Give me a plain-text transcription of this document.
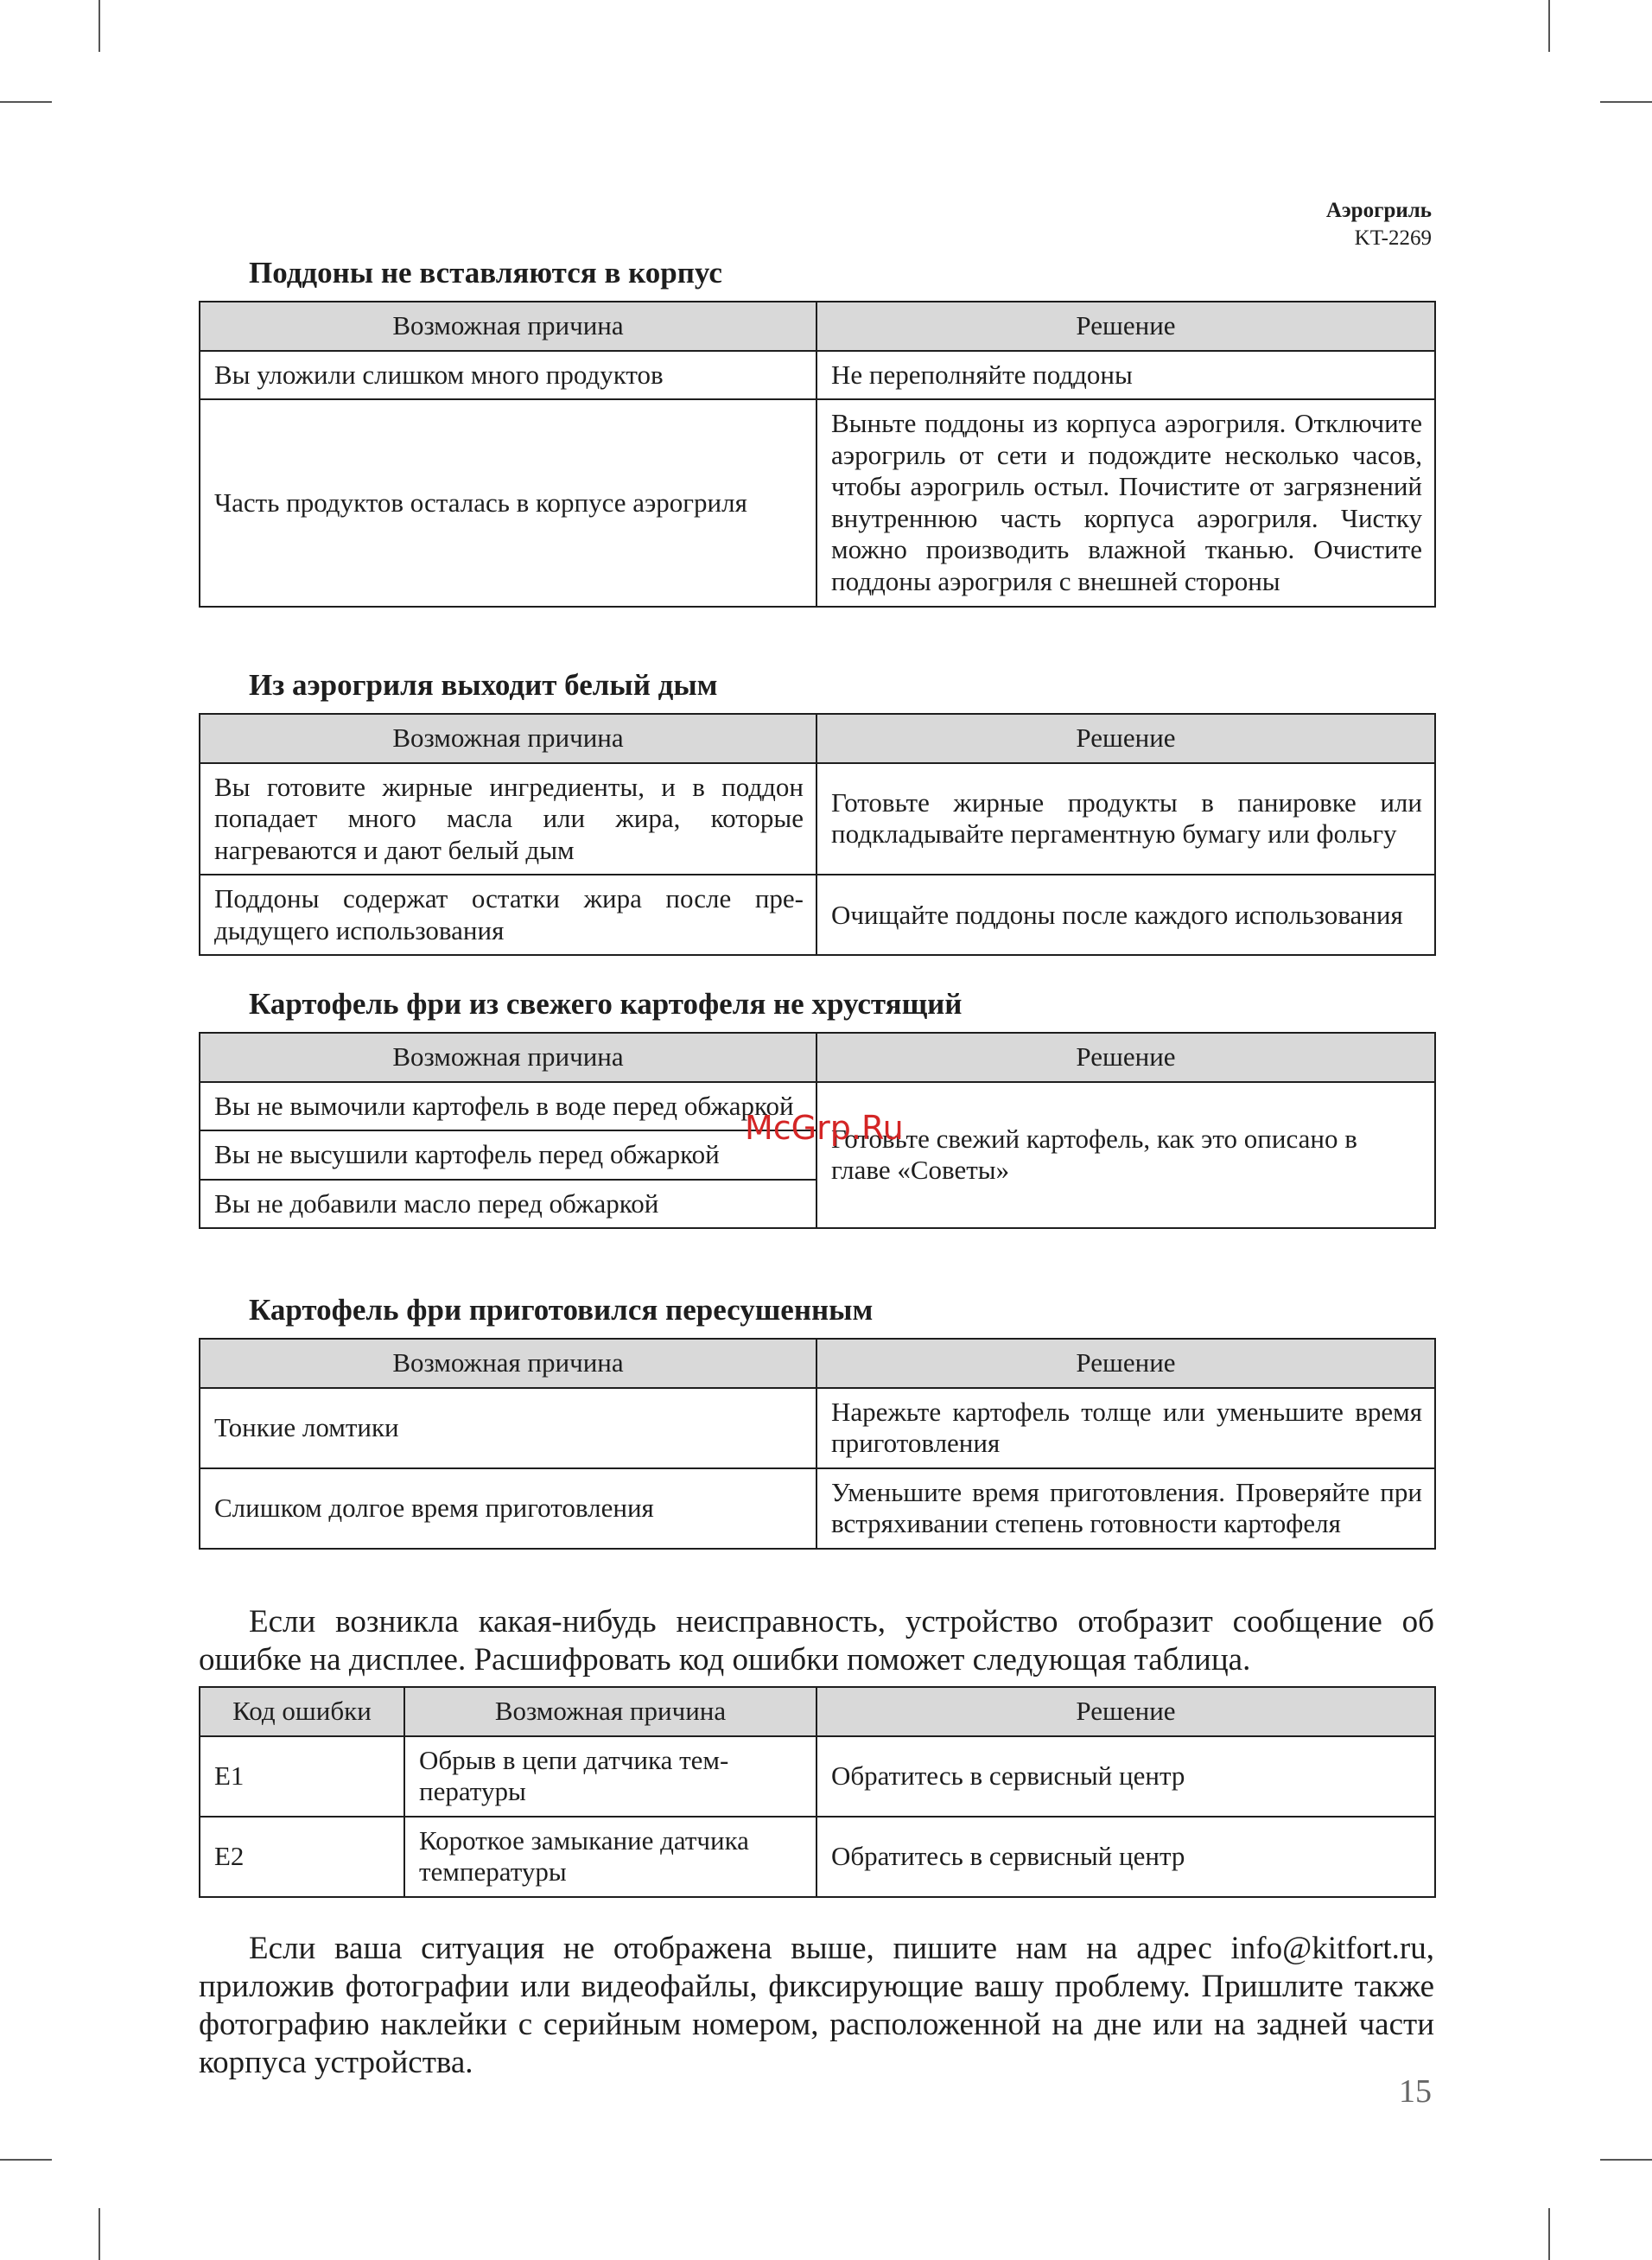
Аэрогриль
KT-2269
Поддоны не вставляются в корпус
Возможная причина	Решение
Вы уложили слишком много продуктов	Не переполняйте поддоны
Часть продуктов осталась в корпусе аэрогриля	Выньте поддоны из корпуса аэрогриля. Отключите аэрогриль от сети и подождите несколько часов, чтобы аэрогриль остыл. Почистите от загрязнений внутреннюю часть корпуса аэрогриля. Чистку можно производить влажной тканью. Очистите поддоны аэрогриля с внешней стороны
Из аэрогриля выходит белый дым
Возможная причина	Решение
Вы готовите жирные ингредиенты, и в поддон попадает много масла или жира, которые нагреваются и дают белый дым	Готовьте жирные продукты в панировке или подкладывайте пергаментную бумагу или фольгу
Поддоны содержат остатки жира после предыдущего использования	Очищайте поддоны после каждого использования
Картофель фри из свежего картофеля не хрустящий
Возможная причина	Решение
Вы не вымочили картофель в воде перед обжаркой	Готовьте свежий картофель, как это описано в главе «Советы»
Вы не высушили картофель перед обжаркой	
Вы не добавили масло перед обжаркой	
McGrp.Ru
Картофель фри приготовился пересушенным
Возможная причина	Решение
Тонкие ломтики	Нарежьте картофель толще или уменьшите время приготовления
Слишком долгое время приготовления	Уменьшите время приготовления. Проверяйте при встряхивании степень готовности картофеля

Если возникла какая-нибудь неисправность, устройство отобразит сообщение об ошибке на дисплее. Расшифровать код ошибки поможет следующая таблица.

Код ошибки	Возможная причина	Решение
E1	Обрыв в цепи датчика температуры	Обратитесь в сервисный центр
E2	Короткое замыкание датчика температуры	Обратитесь в сервисный центр

Если ваша ситуация не отображена выше, пишите нам на адрес info@kitfort.ru, приложив фотографии или видеофайлы, фиксирующие вашу проблему. Пришлите также фотографию наклейки с серийным номером, расположенной на дне или на задней части корпуса устройства.

15
